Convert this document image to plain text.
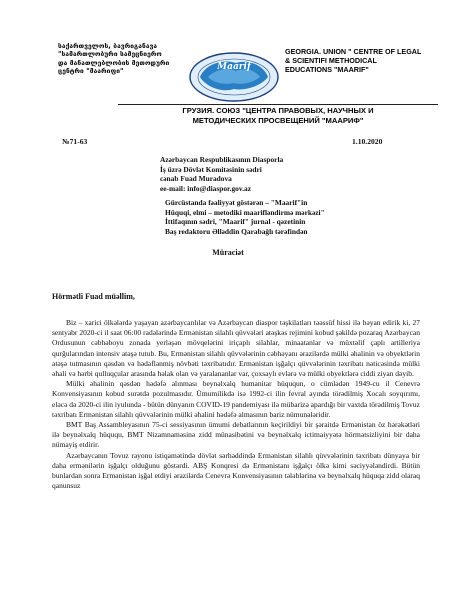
საქართველოს, ბავრიგანავა
"სამართლობური სამეცნიერო
და მანათლებლობის მეთოდური
ცენტრი "მაარიფი"	Maarif
GEORGIA. UNION " CENTRE OF LEGAL
& SCIENTIFI METHODICAL
EDUCATIONS "MAARIF"
ГРУЗИЯ. СОЮЗ "ЦЕНТРА ПРАВОВЫХ, НАУЧНЫХ И
МЕТОДИЧЕСКИХ ПРОСВЕЩЕНИЙ "МААРИФ"
№71-63	1.10.2020
Azərbaycan Respublikasının Diasporla
İş üzrə Dövlət Komitəsinin sədri
cənab Fuad Muradova
ee-mail: info@diaspor.gov.az
Gürcüstanda fəaliyyət göstərən – "Maarif"in
Hüquqi, elmi – metodiki maarifləndirmə mərkəzi"
İttifaqının sədri, "Maarif" jurnal - qəzetinin
Baş redaktoru Əlləddin Qarabağlı tərəfindən
Müraciət
Hörmətli Fuad müəllim,

Biz – xarici ölkələrdə yaşayan azərbaycanlılar və Azərbaycan diaspor təşkilatları təəssüf hissi ilə bəyan edirik ki, 27 sentyabr 2020-ci il saat 06:00 radələrində Ermənistan silahlı qüvvələri atəşkəs rejimini kobud şəkildə pozaraq Azərbaycan Ordusunun cəbhəboyu zonada yerləşən mövqelərini iriçaplı silahlar, minaatanlar və müxtəlif çaplı artilleriya qurğularından intensiv atəşə tutub. Bu, Ermənistan silahlı qüvvələrinin cəbhəyanı ərazilərdə mülki əhalinin və obyektlərin atəşə tutmasının qəsdən və hədəflənmiş növbəti təxribatıdır. Ermənistan işğalçı qüvvələrinin təxribatı nəticəsində mülki əhali və hərbi qulluqçular arasında həlak olan və yaralananlar var, çoxsaylı evlərə və mülki obyektlərə ciddi ziyan dəyib.

Mülki əhalinin qəsdən hədəfə alınması beynəlxalq humanitar hüququn, o cümlədən 1949-cu il Cenevrə Konvensiyasının kobud surətdə pozulmasıdır. Ümumilikdə isə 1992-ci ilin fevral ayında törədilmiş Xocalı soyqırımı, eləcə də 2020-ci ilin iyulunda - bütün dünyanın COVID-19 pandemiyası ilə mübarizə apardığı bir vaxtda törədilmiş Tovuz təxribatı Ermənistan silahlı qüvvələrinin mülki əhalini hədəfə almasının bariz nümunələridir.

BMT Baş Assambleyasının 75-ci sessiyasının ümumi debatlarının keçirildiyi bir şəraitdə Ermənistan öz hərəkətləri ilə beynəlxalq hüququ, BMT Nizamnaməsinə zidd münasibətini və beynəlxalq ictimaiyyətə hörmətsizliyini bir daha nümayiş etdirir.

Azərbaycanın Tovuz rayonu istiqamətində dövlət sərhəddində Ermənistan silahlı qüvvələrinin təxribatı dünyaya bir daha ermənilərin işğalçı olduğunu göstərdi. ABŞ Konqresi də Ermənistanı işğalçı ölkə kimi səciyyələndirdi. Bütün bunlardan sonra Ermənistan işğal etdiyi ərazilərdə Cenevrə Konvensiyasının tələblərinə və beynəlxalq hüquqa zidd olaraq qanunsuz
